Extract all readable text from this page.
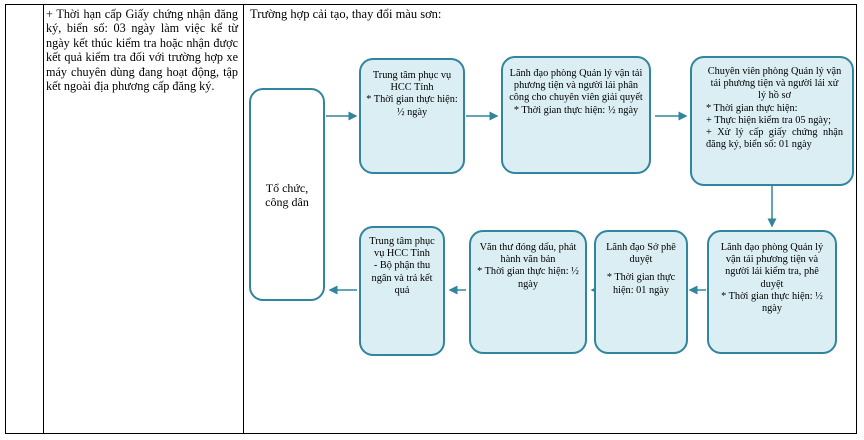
+ Thời hạn cấp Giấy chứng nhận đăng ký, biển số: 03 ngày làm việc kể từ ngày kết thúc kiểm tra hoặc nhận được kết quả kiểm tra đối với trường hợp xe máy chuyên dùng đang hoạt động, tập kết ngoài địa phương cấp đăng ký.
Trường hợp cải tạo, thay đổi màu sơn:
Tổ chức, công dân
Trung tâm phục vụ HCC Tỉnh
* Thời gian thực hiện: ½ ngày
Lãnh đạo phòng Quản lý vận tải phương tiện và người lái phân công cho chuyên viên giải quyết
* Thời gian thực hiện: ½ ngày
Chuyên viên phòng Quản lý vận tải phương tiện và người lái xử lý hồ sơ
* Thời gian thực hiện:
+ Thực hiện kiểm tra 05 ngày;
+ Xử lý cấp giấy chứng nhận đăng ký, biển số: 01 ngày
Lãnh đạo phòng Quản lý vận tải phương tiện và người lái kiểm tra, phê duyệt
* Thời gian thực hiện: ½ ngày
Lãnh đạo Sở phê duyệt
* Thời gian thực hiện: 01 ngày
Văn thư đóng dấu, phát hành văn bản
* Thời gian thực hiện: ½ ngày
Trung tâm phục vụ HCC Tỉnh
- Bộ phận thu ngân và trả kết quả
